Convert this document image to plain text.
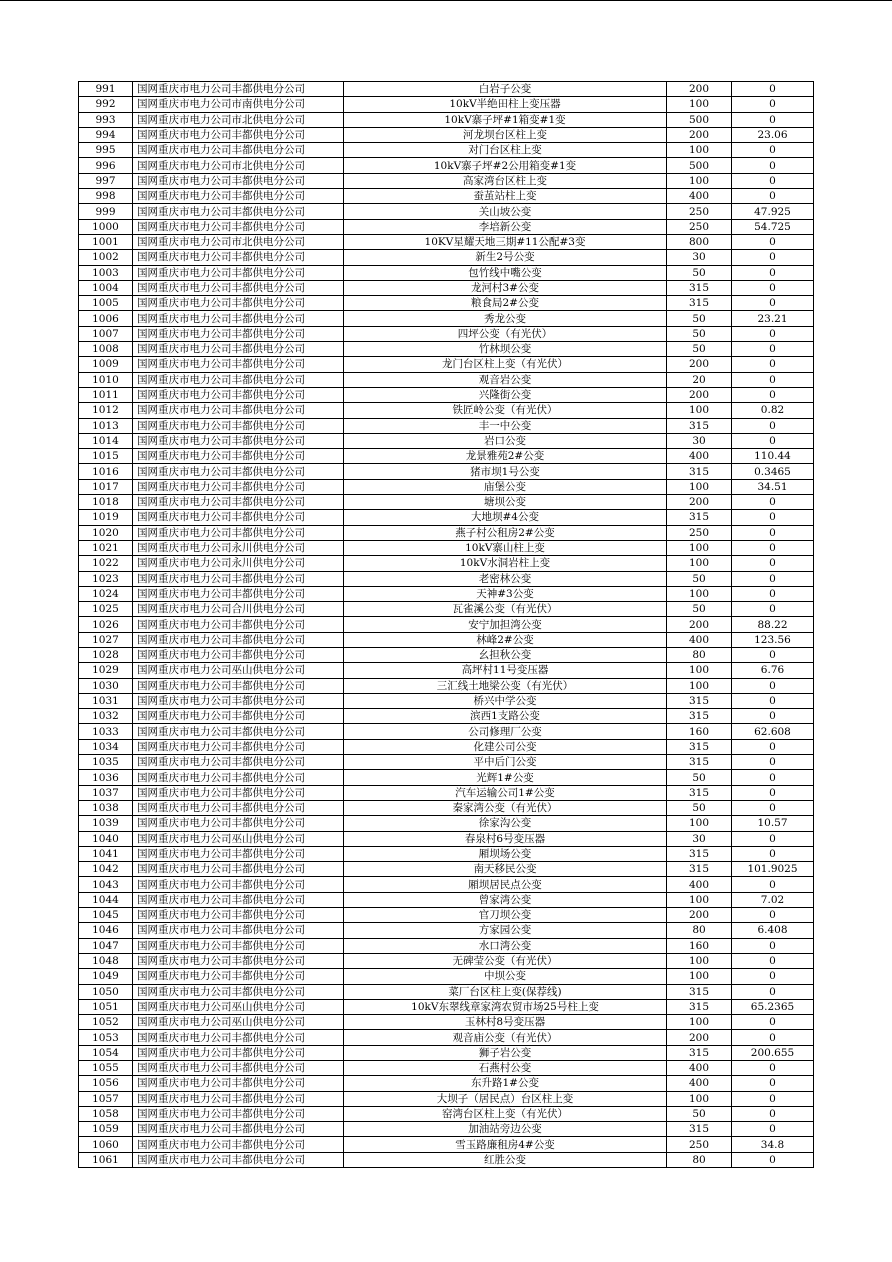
991	国网重庆市电力公司丰都供电分公司	白岩子公变	200	0
992	国网重庆市电力公司市南供电分公司	10kV半绝田柱上变压器	100	0
993	国网重庆市电力公司市北供电分公司	10kV寨子坪#1箱变#1变	500	0
994	国网重庆市电力公司丰都供电分公司	河龙坝台区柱上变	200	23.06
995	国网重庆市电力公司丰都供电分公司	对门台区柱上变	100	0
996	国网重庆市电力公司市北供电分公司	10kV寨子坪#2公用箱变#1变	500	0
997	国网重庆市电力公司丰都供电分公司	高家湾台区柱上变	100	0
998	国网重庆市电力公司丰都供电分公司	蚕茧站柱上变	400	0
999	国网重庆市电力公司丰都供电分公司	关山坡公变	250	47.925
1000	国网重庆市电力公司丰都供电分公司	李培新公变	250	54.725
1001	国网重庆市电力公司市北供电分公司	10KV星耀天地三期#11公配#3变	800	0
1002	国网重庆市电力公司丰都供电分公司	新生2号公变	30	0
1003	国网重庆市电力公司丰都供电分公司	包竹线中嘴公变	50	0
1004	国网重庆市电力公司丰都供电分公司	龙河村3#公变	315	0
1005	国网重庆市电力公司丰都供电分公司	粮食局2#公变	315	0
1006	国网重庆市电力公司丰都供电分公司	秀龙公变	50	23.21
1007	国网重庆市电力公司丰都供电分公司	四坪公变（有光伏）	50	0
1008	国网重庆市电力公司丰都供电分公司	竹林坝公变	50	0
1009	国网重庆市电力公司丰都供电分公司	龙门台区柱上变（有光伏）	200	0
1010	国网重庆市电力公司丰都供电分公司	观音岩公变	20	0
1011	国网重庆市电力公司丰都供电分公司	兴隆街公变	200	0
1012	国网重庆市电力公司丰都供电分公司	铁匠岭公变（有光伏）	100	0.82
1013	国网重庆市电力公司丰都供电分公司	丰一中公变	315	0
1014	国网重庆市电力公司丰都供电分公司	岩口公变	30	0
1015	国网重庆市电力公司丰都供电分公司	龙景雅苑2#公变	400	110.44
1016	国网重庆市电力公司丰都供电分公司	猪市坝1号公变	315	0.3465
1017	国网重庆市电力公司丰都供电分公司	庙堡公变	100	34.51
1018	国网重庆市电力公司丰都供电分公司	塘坝公变	200	0
1019	国网重庆市电力公司丰都供电分公司	大地坝#4公变	315	0
1020	国网重庆市电力公司丰都供电分公司	燕子村公租房2#公变	250	0
1021	国网重庆市电力公司永川供电分公司	10kV寨山柱上变	100	0
1022	国网重庆市电力公司永川供电分公司	10kV水洞岩柱上变	100	0
1023	国网重庆市电力公司丰都供电分公司	老密林公变	50	0
1024	国网重庆市电力公司丰都供电分公司	天神#3公变	100	0
1025	国网重庆市电力公司合川供电分公司	瓦雀溪公变（有光伏）	50	0
1026	国网重庆市电力公司丰都供电分公司	安宁加担湾公变	200	88.22
1027	国网重庆市电力公司丰都供电分公司	林峰2#公变	400	123.56
1028	国网重庆市电力公司丰都供电分公司	幺担秋公变	80	0
1029	国网重庆市电力公司巫山供电分公司	高坪村11号变压器	100	6.76
1030	国网重庆市电力公司丰都供电分公司	三汇线土地梁公变（有光伏）	100	0
1031	国网重庆市电力公司丰都供电分公司	桥兴中学公变	315	0
1032	国网重庆市电力公司丰都供电分公司	滨西1支路公变	315	0
1033	国网重庆市电力公司丰都供电分公司	公司修理厂公变	160	62.608
1034	国网重庆市电力公司丰都供电分公司	化建公司公变	315	0
1035	国网重庆市电力公司丰都供电分公司	平中后门公变	315	0
1036	国网重庆市电力公司丰都供电分公司	光辉1#公变	50	0
1037	国网重庆市电力公司丰都供电分公司	汽车运输公司1#公变	315	0
1038	国网重庆市电力公司丰都供电分公司	秦家湾公变（有光伏）	50	0
1039	国网重庆市电力公司丰都供电分公司	徐家沟公变	100	10.57
1040	国网重庆市电力公司巫山供电分公司	春泉村6号变压器	30	0
1041	国网重庆市电力公司丰都供电分公司	厢坝场公变	315	0
1042	国网重庆市电力公司丰都供电分公司	南天移民公变	315	101.9025
1043	国网重庆市电力公司丰都供电分公司	厢坝居民点公变	400	0
1044	国网重庆市电力公司丰都供电分公司	曾家湾公变	100	7.02
1045	国网重庆市电力公司丰都供电分公司	官刀坝公变	200	0
1046	国网重庆市电力公司丰都供电分公司	方家园公变	80	6.408
1047	国网重庆市电力公司丰都供电分公司	水口湾公变	160	0
1048	国网重庆市电力公司丰都供电分公司	无碑莹公变（有光伏）	100	0
1049	国网重庆市电力公司丰都供电分公司	中坝公变	100	0
1050	国网重庆市电力公司丰都供电分公司	菜厂台区柱上变(保荐线)	315	0
1051	国网重庆市电力公司巫山供电分公司	10kV东翠线章家湾农贸市场25号柱上变	315	65.2365
1052	国网重庆市电力公司巫山供电分公司	玉林村8号变压器	100	0
1053	国网重庆市电力公司丰都供电分公司	观音庙公变（有光伏）	200	0
1054	国网重庆市电力公司丰都供电分公司	狮子岩公变	315	200.655
1055	国网重庆市电力公司丰都供电分公司	石燕村公变	400	0
1056	国网重庆市电力公司丰都供电分公司	东升路1#公变	400	0
1057	国网重庆市电力公司丰都供电分公司	大坝子（居民点）台区柱上变	100	0
1058	国网重庆市电力公司丰都供电分公司	窑湾台区柱上变（有光伏）	50	0
1059	国网重庆市电力公司丰都供电分公司	加油站旁边公变	315	0
1060	国网重庆市电力公司丰都供电分公司	雪玉路廉租房4#公变	250	34.8
1061	国网重庆市电力公司丰都供电分公司	红胜公变	80	0
